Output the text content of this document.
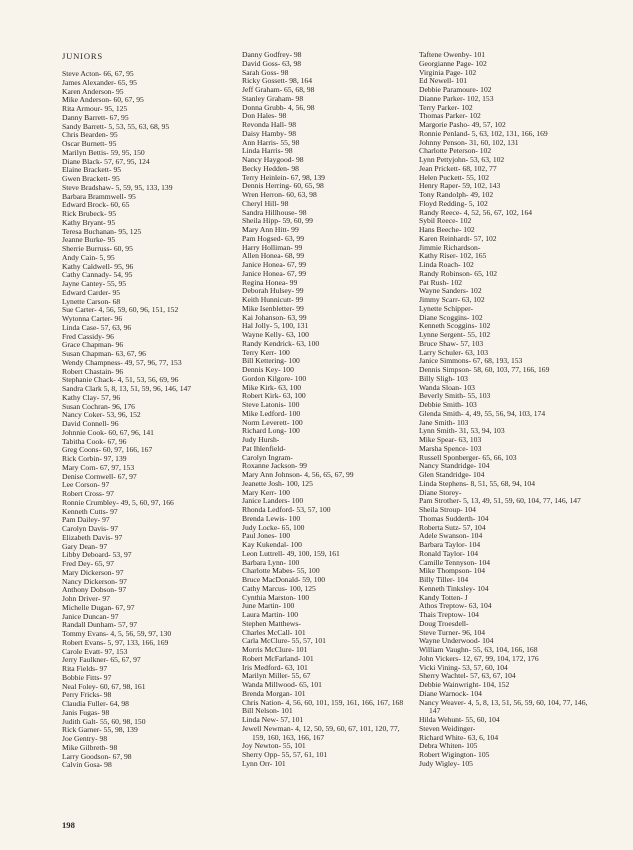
JUNIORS
Steve Acton- 66, 67, 95
James Alexander- 65, 95
Karen Anderson- 95
Mike Anderson- 60, 67, 95
Rita Armour- 95, 125
Danny Barrett- 67, 95
Sandy Barrett- 5, 53, 55, 63, 68, 95
Chris Bearden- 95
Oscar Burnett- 95
Marilyn Bettis- 59, 95, 150
Diane Black- 57, 67, 95, 124
Elaine Brackett- 95
Gwen Brackett- 95
Steve Bradshaw- 5, 59, 95, 133, 139
Barbara Brammwell- 95
Edward Brock- 60, 65
Rick Brubeck- 95
Kathy Bryant- 95
Teresa Buchanan- 95, 125
Jeanne Burke- 95
Sherrie Burruss- 60, 95
Andy Cain- 5, 95
Kathy Caldwell- 95, 96
Cathy Cannady- 54, 95
Jayne Cantey- 55, 95
Edward Carder- 95
Lynette Carson- 68
Sue Carter- 4, 56, 59, 60, 96, 151, 152
Wytonna Carter- 96
Linda Case- 57, 63, 96
Fred Cassidy- 96
Grace Chapman- 96
Susan Chapman- 63, 67, 96
Wendy Champness- 49, 57, 96, 77, 153
Robert Chastain- 96
Stephanie Chack- 4, 51, 53, 56, 69, 96
Sandra Clark 5, 8, 13, 51, 59, 96, 146, 147
Kathy Clay- 57, 96
Susan Cochran- 96, 176
Nancy Coker- 53, 96, 152
David Connell- 96
Johnnie Cook- 60, 67, 96, 141
Tabitha Cook- 67, 96
Greg Coons- 60, 97, 166, 167
Rick Corbin- 97, 139
Mary Corn- 67, 97, 153
Denise Cornwell- 67, 97
Lee Corson- 97
Robert Cross- 97
Ronnie Crumbley- 49, 5, 60, 97, 166
Kenneth Cutts- 97
Pam Dailey- 97
Carolyn Davis- 97
Elizabeth Davis- 97
Gary Dean- 97
Libby Deboard- 53, 97
Fred Dey- 65, 97
Mary Dickerson- 97
Nancy Dickerson- 97
Anthony Dobson- 97
John Driver- 97
Michelle Dugan- 67, 97
Janice Duncan- 97
Randall Dunham- 57, 97
Tommy Evans- 4, 5, 56, 59, 97, 130
Robert Evans- 5, 97, 133, 166, 169
Carole Evatt- 97, 153
Jerry Faulkner- 65, 67, 97
Rita Fields- 97
Bobbie Fitts- 97
Neal Foley- 60, 67, 98, 161
Perry Fricks- 98
Claudia Fuller- 64, 98
Janis Fugas- 98
Judith Galt- 55, 60, 98, 150
Rick Garner- 55, 98, 139
Joe Gentry- 98
Mike Gilbreth- 98
Larry Goodson- 67, 98
Calvin Gosa- 98
Danny Godfrey- 98
David Goss- 63, 98
Sarah Goss- 98
Ricky Gossett- 98, 164
Jeff Graham- 65, 68, 98
Stanley Graham- 98
Donna Grubb- 4, 56, 98
Don Hales- 98
Revonda Hall- 98
Daisy Hamby- 98
Ann Harris- 55, 98
Linda Harris- 98
Nancy Haygood- 98
Becky Hedden- 98
Terry Heinlein- 67, 98, 139
Dennis Herring- 60, 65, 98
Wren Herron- 60, 63, 98
Cheryl Hill- 98
Sandra Hillhouse- 98
Sheila Hipp- 59, 60, 99
Mary Ann Hitt- 99
Pam Hogsed- 63, 99
Harry Holliman- 99
Allen Honea- 68, 99
Janice Honea- 67, 99
Janice Honea- 67, 99
Regina Honea- 99
Deborah Hulsey- 99
Keith Hunnicutt- 99
Mike Isenbletter- 99
Kai Johanson- 63, 99
Hal Jolly- 5, 100, 131
Wayne Kelly- 63, 100
Randy Kendrick- 63, 100
Terry Kerr- 100
Bill Kettering- 100
Dennis Key- 100
Gordon Kilgore- 100
Mike Kirk- 63, 100
Robert Kirk- 63, 100
Steve Latonis- 100
Mike Ledford- 100
Norm Leverett- 100
Richard Long- 100
Judy Hursh-
Pat Ihlenfield-
Carolyn Ingram-
Roxanne Jackson- 99
Mary Ann Johnson- 4, 56, 65, 67, 99
Jeanette Josh- 100, 125
Mary Kerr- 100
Janice Landers- 100
Rhonda Ledford- 53, 57, 100
Brenda Lewis- 100
Judy Locke- 65, 100
Paul Jones- 100
Kay Kukendal- 100
Leon Luttrell- 49, 100, 159, 161
Barbara Lynn- 100
Charlotte Mabes- 55, 100
Bruce MacDonald- 59, 100
Cathy Marcus- 100, 125
Cynthia Marston- 100
June Martin- 100
Laura Martin- 100
Stephen Matthews-
Charles McCall- 101
Carla McClure- 55, 57, 101
Morris McClure- 101
Robert McFarland- 101
Iris Medford- 63, 101
Marilyn Miller- 55, 67
Wanda Millwood- 65, 101
Brenda Morgan- 101
Chris Nation- 4, 56, 60, 101, 159, 161, 166, 167, 168
Bill Nelson- 101
Linda New- 57, 101
Jewell Newman- 4, 12, 50, 59, 60, 67, 101, 120, 77, 159, 160, 163, 166, 167
Joy Newton- 55, 101
Sherry Opp- 55, 57, 61, 101
Lynn Orr- 101
Taftene Owenby- 101
Georgianne Page- 102
Virginia Page- 102
Ed Newell- 101
Debbie Paramoure- 102
Dianne Parker- 102, 153
Terry Parker- 102
Thomas Parker- 102
Margorie Pasho- 49, 57, 102
Ronnie Penland- 5, 63, 102, 131, 166, 169
Johnny Penson- 31, 60, 102, 131
Charlotte Peterson- 102
Lynn Pettyjohn- 53, 63, 102
Jean Prickett- 68, 102, 77
Helen Puckett- 55, 102
Henry Raper- 59, 102, 143
Tony Randolph- 49, 102
Floyd Redding- 5, 102
Randy Reece- 4, 52, 56, 67, 102, 164
Sybil Reece- 102
Hans Beeche- 102
Karen Reinhardt- 57, 102
Jimmie Richardson-
Kathy Riser- 102, 165
Linda Roach- 102
Randy Robinson- 65, 102
Pat Rush- 102
Wayne Sanders- 102
Jimmy Scarr- 63, 102
Lynette Schipper-
Diane Scoggins- 102
Kenneth Scoggins- 102
Lynne Sergent- 55, 102
Bruce Shaw- 57, 103
Larry Schuler- 63, 103
Janice Simmons- 67, 68, 193, 153
Dennis Simpson- 58, 60, 103, 77, 166, 169
Billy Sligh- 103
Wanda Sloan- 103
Beverly Smith- 55, 103
Debbie Smith- 103
Glenda Smith- 4, 49, 55, 56, 94, 103, 174
Jane Smith- 103
Lynn Smith- 31, 53, 94, 103
Mike Spear- 63, 103
Marsha Spence- 103
Russell Sponberger- 65, 66, 103
Nancy Standridge- 104
Glen Standridge- 104
Linda Stephens- 8, 51, 55, 68, 94, 104
Diane Storey-
Pam Strother- 5, 13, 49, 51, 59, 60, 104, 77, 146, 147
Sheila Stroup- 104
Thomas Sudderth- 104
Roberta Sutz- 57, 104
Adele Swanson- 104
Barbara Taylor- 104
Ronald Taylor- 104
Camille Tennyson- 104
Mike Thompson- 104
Billy Tiller- 104
Kenneth Tinksley- 104
Kandy Totten- J
Athos Treptow- 63, 104
Thais Treptow- 104
Doug Troesdell-
Steve Turner- 96, 104
Wayne Underwood- 104
William Vaughn- 55, 63, 104, 166, 168
John Vickers- 12, 67, 99, 104, 172, 176
Vicki Vining- 53, 57, 60, 104
Sherry Wachtel- 57, 63, 67, 104
Debbie Wainwright- 104, 152
Diane Warnock- 104
Nancy Weaver- 4, 5, 8, 13, 51, 56, 59, 60, 104, 77, 146, 147
Hilda Wehunt- 55, 60, 104
Steven Weidinger-
Richard White- 63, 6, 104
Debra Whiten- 105
Robert Wigington- 105
Judy Wigley- 105
198
